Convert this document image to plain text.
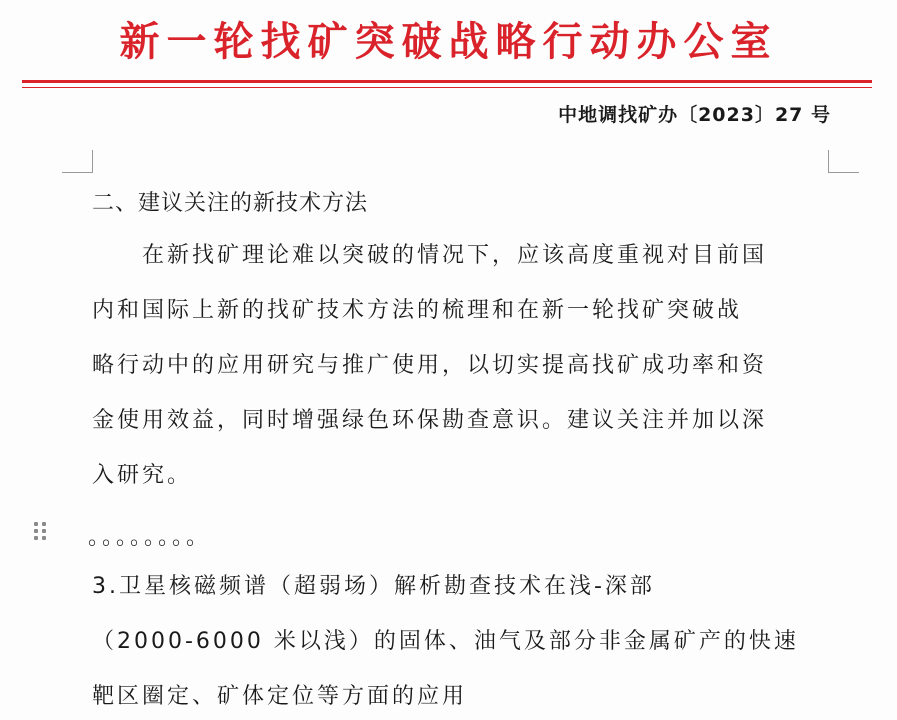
新一轮找矿突破战略行动办公室
中地调找矿办〔2023〕27 号
二、建议关注的新技术方法
　　在新找矿理论难以突破的情况下，应该高度重视对目前国
内和国际上新的找矿技术方法的梳理和在新一轮找矿突破战
略行动中的应用研究与推广使用，以切实提高找矿成功率和资
金使用效益，同时增强绿色环保勘查意识。建议关注并加以深
入研究。
。。。。。。。。
3.卫星核磁频谱（超弱场）解析勘查技术在浅-深部
（2000-6000 米以浅）的固体、油气及部分非金属矿产的快速
靶区圈定、矿体定位等方面的应用
